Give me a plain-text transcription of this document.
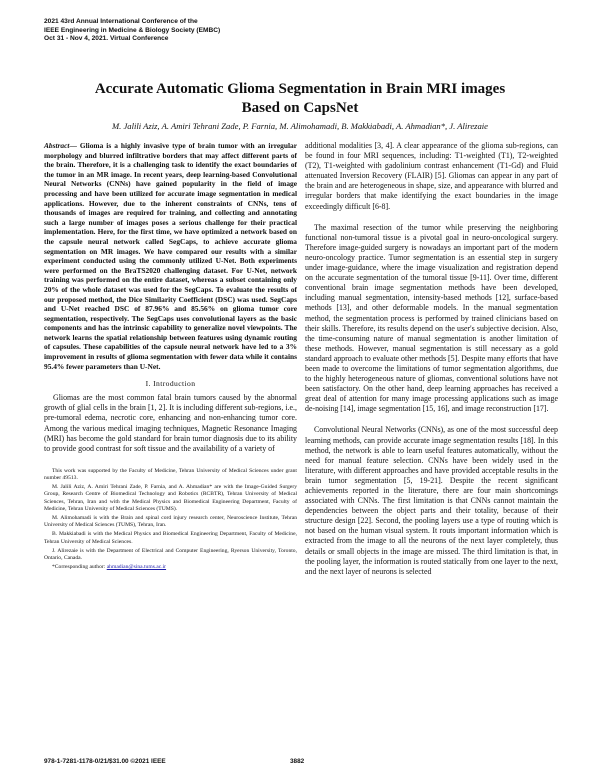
2021 43rd Annual International Conference of the
IEEE Engineering in Medicine & Biology Society (EMBC)
Oct 31 - Nov 4, 2021. Virtual Conference
Accurate Automatic Glioma Segmentation in Brain MRI images
Based on CapsNet
M. Jalili Aziz, A. Amiri Tehrani Zade, P. Farnia, M. Alimohamadi, B. Makkiabadi, A. Ahmadian*, J. Alirezaie

Abstract— Glioma is a highly invasive type of brain tumor with an irregular morphology and blurred infiltrative borders that may affect different parts of the brain. Therefore, it is a challenging task to identify the exact boundaries of the tumor in an MR image. In recent years, deep learning-based Convolutional Neural Networks (CNNs) have gained popularity in the field of image processing and have been utilized for accurate image segmentation in medical applications. However, due to the inherent constraints of CNNs, tens of thousands of images are required for training, and collecting and annotating such a large number of images poses a serious challenge for their practical implementation. Here, for the first time, we have optimized a network based on the capsule neural network called SegCaps, to achieve accurate glioma segmentation on MR images. We have compared our results with a similar experiment conducted using the commonly utilized U-Net. Both experiments were performed on the BraTS2020 challenging dataset. For U-Net, network training was performed on the entire dataset, whereas a subset containing only 20% of the whole dataset was used for the SegCaps. To evaluate the results of our proposed method, the Dice Similarity Coefficient (DSC) was used. SegCaps and U-Net reached DSC of 87.96% and 85.56% on glioma tumor core segmentation, respectively. The SegCaps uses convolutional layers as the basic components and has the intrinsic capability to generalize novel viewpoints. The network learns the spatial relationship between features using dynamic routing of capsules. These capabilities of the capsule neural network have led to a 3% improvement in results of glioma segmentation with fewer data while it contains 95.4% fewer parameters than U-Net.

I. Introduction

Gliomas are the most common fatal brain tumors caused by the abnormal growth of glial cells in the brain [1, 2]. It is including different sub-regions, i.e., pre-tumoral edema, necrotic core, enhancing and non-enhancing tumor core. Among the various medical imaging techniques, Magnetic Resonance Imaging (MRI) has become the gold standard for brain tumor diagnosis due to its ability to provide good contrast for soft tissue and the availability of a variety of

This work was supported by the Faculty of Medicine, Tehran University of Medical Sciences under grant number 49513.

M. Jalili Aziz, A. Amiri Tehrani Zade, P. Farnia, and A. Ahmadian* are with the Image-Guided Surgery Group, Research Centre of Biomedical Technology and Robotics (RCBTR), Tehran University of Medical Sciences, Tehran, Iran and with the Medical Physics and Biomedical Engineering Department, Faculty of Medicine, Tehran University of Medical Sciences (TUMS).

M. Alimohamadi is with the Brain and spinal cord injury research center, Neuroscience Institute, Tehran University of Medical Sciences (TUMS), Tehran, Iran.

B. Makkiabadi is with the Medical Physics and Biomedical Engineering Department, Faculty of Medicine, Tehran University of Medical Sciences.

J. Alirezaie is with the Department of Electrical and Computer Engineering, Ryerson University, Toronto, Ontario, Canada.

*Corresponding author: ahmadian@sina.tums.ac.ir

additional modalities [3, 4]. A clear appearance of the glioma sub-regions, can be found in four MRI sequences, including: T1-weighted (T1), T2-weighted (T2), T1-weighted with gadolinium contrast enhancement (T1-Gd) and Fluid attenuated Inversion Recovery (FLAIR) [5]. Gliomas can appear in any part of the brain and are heterogeneous in shape, size, and appearance with blurred and irregular borders that make identifying the exact boundaries in the image exceedingly difficult [6-8].

The maximal resection of the tumor while preserving the neighboring functional non-tumoral tissue is a pivotal goal in neuro-oncological surgery. Therefore image-guided surgery is nowadays an important part of the modern neuro-oncology practice. Tumor segmentation is an essential step in surgery under image-guidance, where the image visualization and registration depend on the accurate segmentation of the tumoral tissue [9-11]. Over time, different conventional brain image segmentation methods have been developed, including manual segmentation, intensity-based methods [12], surface-based methods [13], and other deformable models. In the manual segmentation method, the segmentation process is performed by trained clinicians based on their skills. Therefore, its results depend on the user's subjective decision. Also, the time-consuming nature of manual segmentation is another limitation of these methods. However, manual segmentation is still necessary as a gold standard approach to evaluate other methods [5]. Despite many efforts that have been made to overcome the limitations of tumor segmentation algorithms, due to the highly heterogeneous nature of gliomas, conventional solutions have not been satisfactory. On the other hand, deep learning approaches has received a great deal of attention for many image processing applications such as image de-noising [14], image segmentation [15, 16], and image reconstruction [17].

Convolutional Neural Networks (CNNs), as one of the most successful deep learning methods, can provide accurate image segmentation results [18]. In this method, the network is able to learn useful features automatically, without the need for manual feature selection. CNNs have been widely used in the literature, with different approaches and have provided acceptable results in the brain tumor segmentation [5, 19-21]. Despite the recent significant achievements reported in the literature, there are four main shortcomings associated with CNNs. The first limitation is that CNNs cannot maintain the dependencies between the object parts and their totality, because of their structure design [22]. Second, the pooling layers use a type of routing which is not based on the human visual system. It routs important information which is extracted from the image to all the neurons of the next layer completely, thus details or small objects in the image are missed. The third limitation is that, in the pooling layer, the information is routed statically from one layer to the next, and the next layer of neurons is selected

978-1-7281-1178-0/21/$31.00 ©2021 IEEE	3882
